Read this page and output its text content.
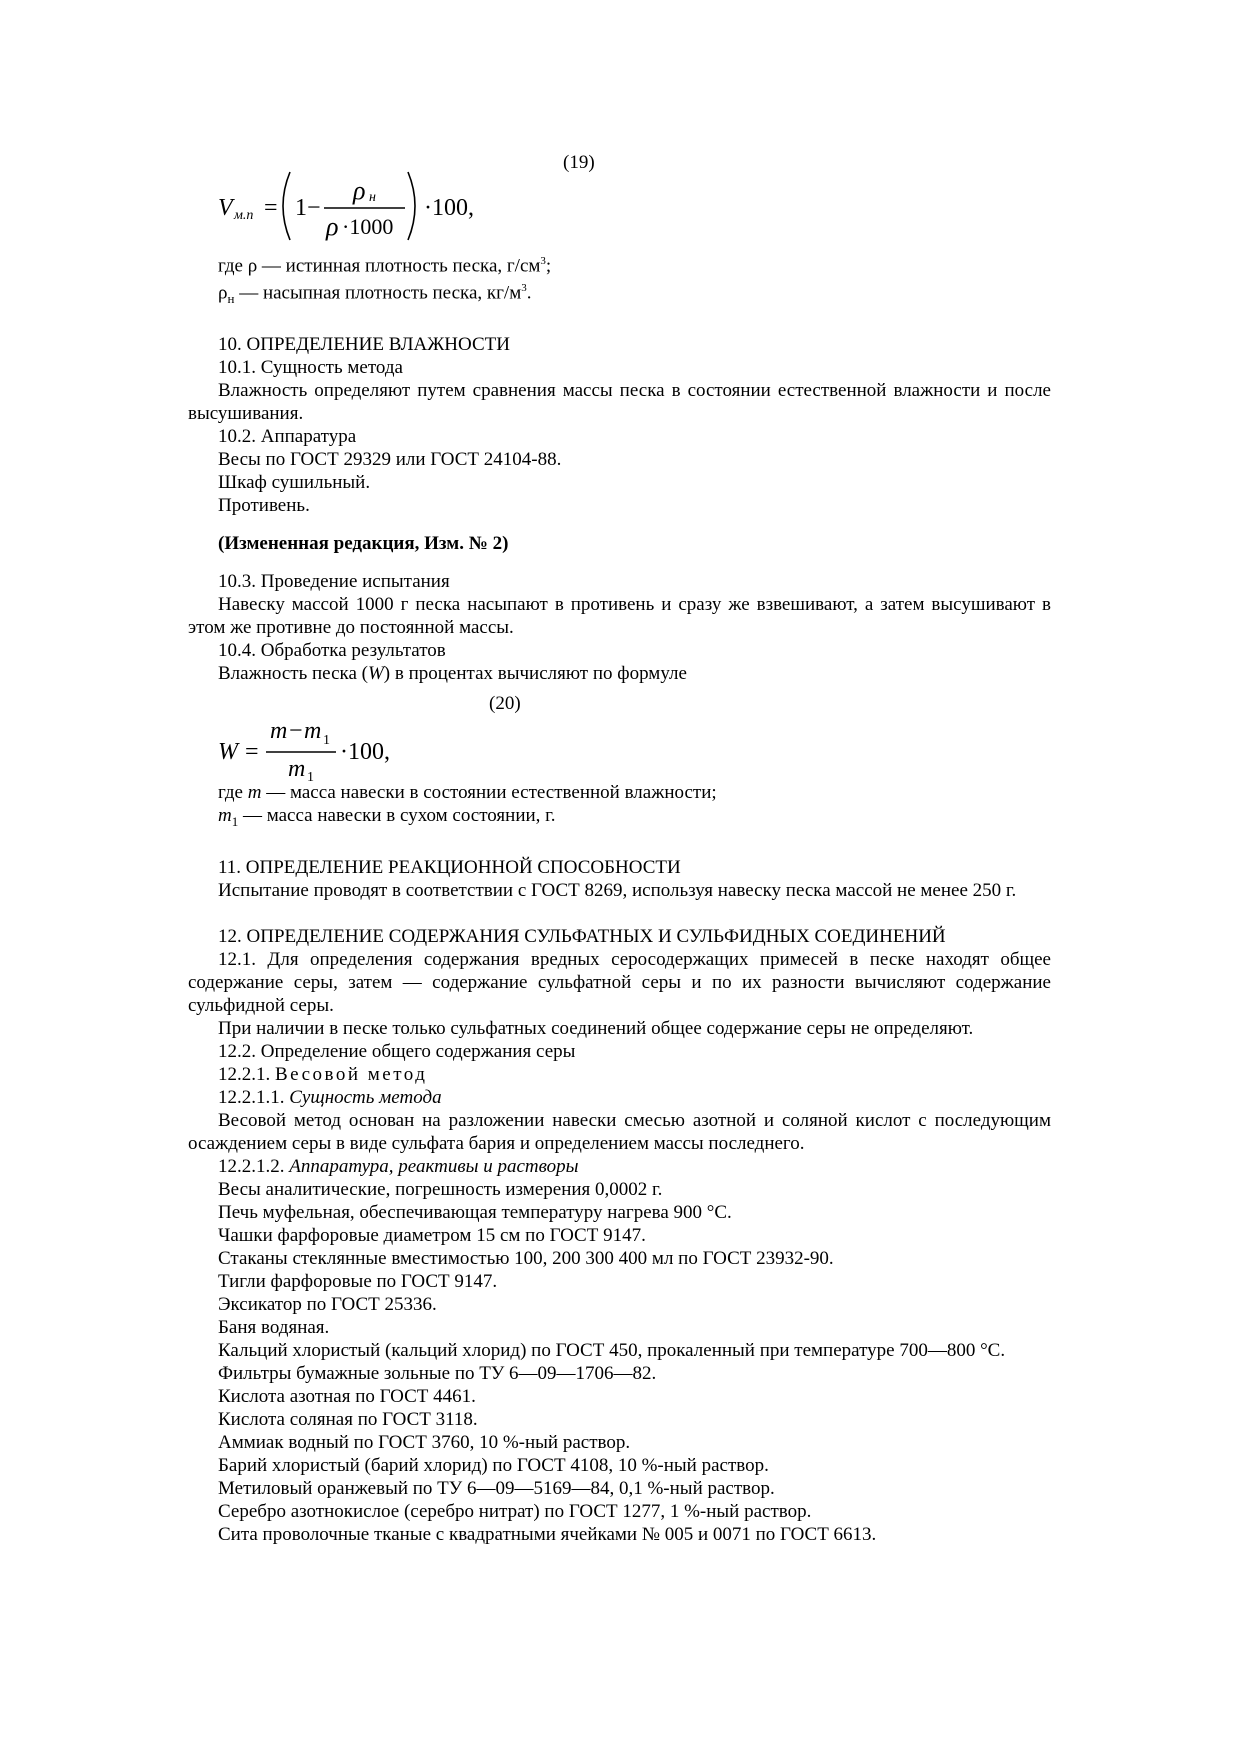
(19)
V м.п = 1−
ρ н
ρ ·1000
·100,

где ρ — истинная плотность песка, $г/см^3$;

$\rho_н$ — насыпная плотность песка, $кг/м^3$.

10. ОПРЕДЕЛЕНИЕ ВЛАЖНОСТИ

10.1. Сущность метода

Влажность определяют путем сравнения массы песка в состоянии естественной влажности и после высушивания.

10.2. Аппаратура

Весы по ГОСТ 29329 или ГОСТ 24104-88.

Шкаф сушильный.

Противень.

(Измененная редакция, Изм. № 2)

10.3. Проведение испытания

Навеску массой 1000 г песка насыпают в противень и сразу же взвешивают, а затем высушивают в этом же противне до постоянной массы.

10.4. Обработка результатов

Влажность песка (W) в процентах вычисляют по формуле

где m — масса навески в состоянии естественной влажности;

$m_1$ — масса навески в сухом состоянии, г.

11. ОПРЕДЕЛЕНИЕ РЕАКЦИОННОЙ СПОСОБНОСТИ

Испытание проводят в соответствии с ГОСТ 8269, используя навеску песка массой не менее 250 г.

12. ОПРЕДЕЛЕНИЕ СОДЕРЖАНИЯ СУЛЬФАТНЫХ И СУЛЬФИДНЫХ СОЕДИНЕНИЙ

12.1. Для определения содержания вредных серосодержащих примесей в песке находят общее содержание серы, затем — содержание сульфатной серы и по их разности вычисляют содержание сульфидной серы.

При наличии в песке только сульфатных соединений общее содержание серы не определяют.

12.2. Определение общего содержания серы

12.2.1. Весовой метод

12.2.1.1. Сущность метода

Весовой метод основан на разложении навески смесью азотной и соляной кислот с последующим осаждением серы в виде сульфата бария и определением массы последнего.

12.2.1.2. Аппаратура, реактивы и растворы

Весы аналитические, погрешность измерения 0,0002 г.

Печь муфельная, обеспечивающая температуру нагрева 900 °С.

Чашки фарфоровые диаметром 15 см по ГОСТ 9147.

Стаканы стеклянные вместимостью 100, 200 300 400 мл по ГОСТ 23932-90.

Тигли фарфоровые по ГОСТ 9147.

Эксикатор по ГОСТ 25336.

Баня водяная.

Кальций хлористый (кальций хлорид) по ГОСТ 450, прокаленный при температуре 700—800 °С.

Фильтры бумажные зольные по ТУ 6—09—1706—82.

Кислота азотная по ГОСТ 4461.

Кислота соляная по ГОСТ 3118.

Аммиак водный по ГОСТ 3760, 10 %-ный раствор.

Барий хлористый (барий хлорид) по ГОСТ 4108, 10 %-ный раствор.

Метиловый оранжевый по ТУ 6—09—5169—84, 0,1 %-ный раствор.

Серебро азотнокислое (серебро нитрат) по ГОСТ 1277, 1 %-ный раствор.

Сита проволочные тканые с квадратными ячейками № 005 и 0071 по ГОСТ 6613.

(20)
W =
m − m 1
m 1
·100,
